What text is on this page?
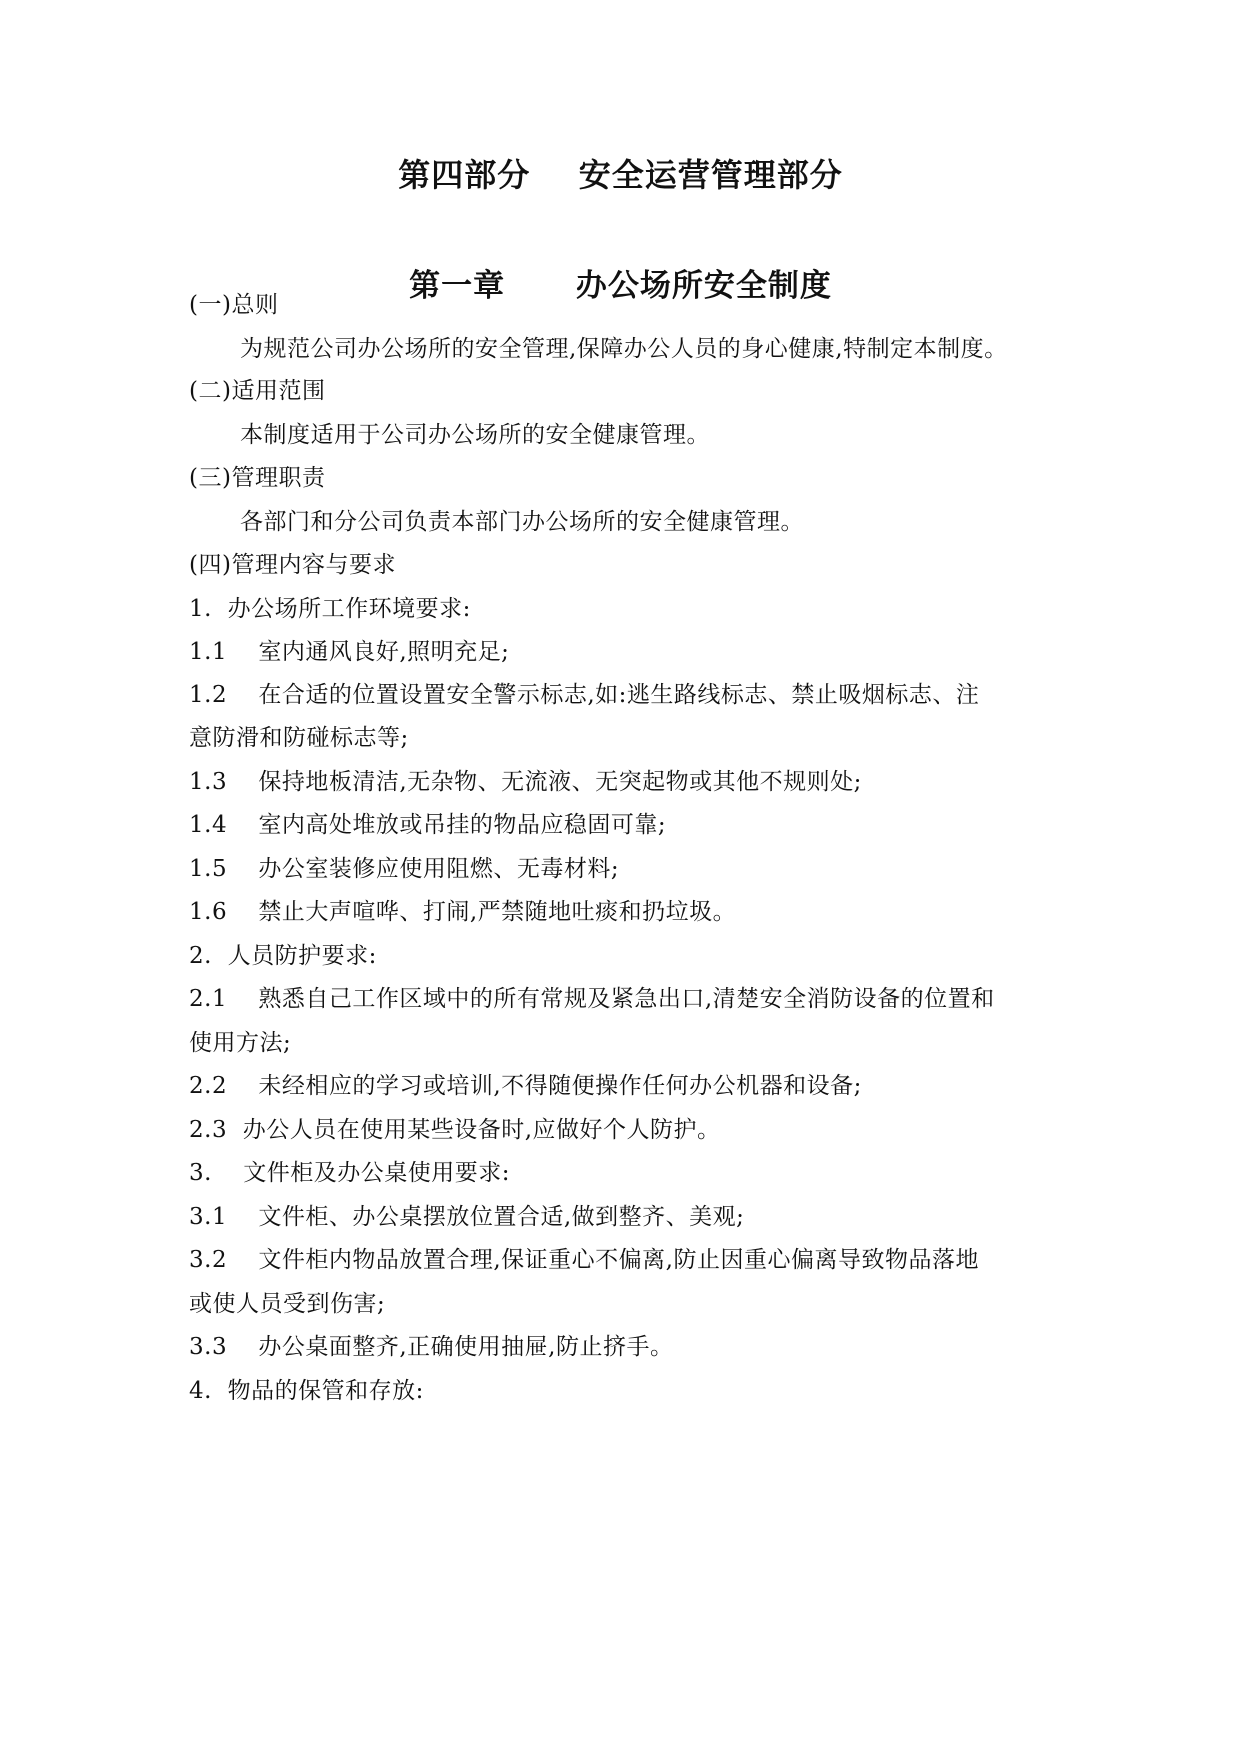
第四部分    安全运营管理部分
第一章      办公场所安全制度
(一)总则
为规范公司办公场所的安全管理,保障办公人员的身心健康,特制定本制度。
(二)适用范围
本制度适用于公司办公场所的安全健康管理。
(三)管理职责
各部门和分公司负责本部门办公场所的安全健康管理。
(四)管理内容与要求
1.  办公场所工作环境要求:
1.1    室内通风良好,照明充足;
1.2    在合适的位置设置安全警示标志,如:逃生路线标志、禁止吸烟标志、注
意防滑和防碰标志等;
1.3    保持地板清洁,无杂物、无流液、无突起物或其他不规则处;
1.4    室内高处堆放或吊挂的物品应稳固可靠;
1.5    办公室装修应使用阻燃、无毒材料;
1.6    禁止大声喧哗、打闹,严禁随地吐痰和扔垃圾。
2.  人员防护要求:
2.1    熟悉自己工作区域中的所有常规及紧急出口,清楚安全消防设备的位置和
使用方法;
2.2    未经相应的学习或培训,不得随便操作任何办公机器和设备;
2.3  办公人员在使用某些设备时,应做好个人防护。
3.    文件柜及办公桌使用要求:
3.1    文件柜、办公桌摆放位置合适,做到整齐、美观;
3.2    文件柜内物品放置合理,保证重心不偏离,防止因重心偏离导致物品落地
或使人员受到伤害;
3.3    办公桌面整齐,正确使用抽屉,防止挤手。
4.  物品的保管和存放:
